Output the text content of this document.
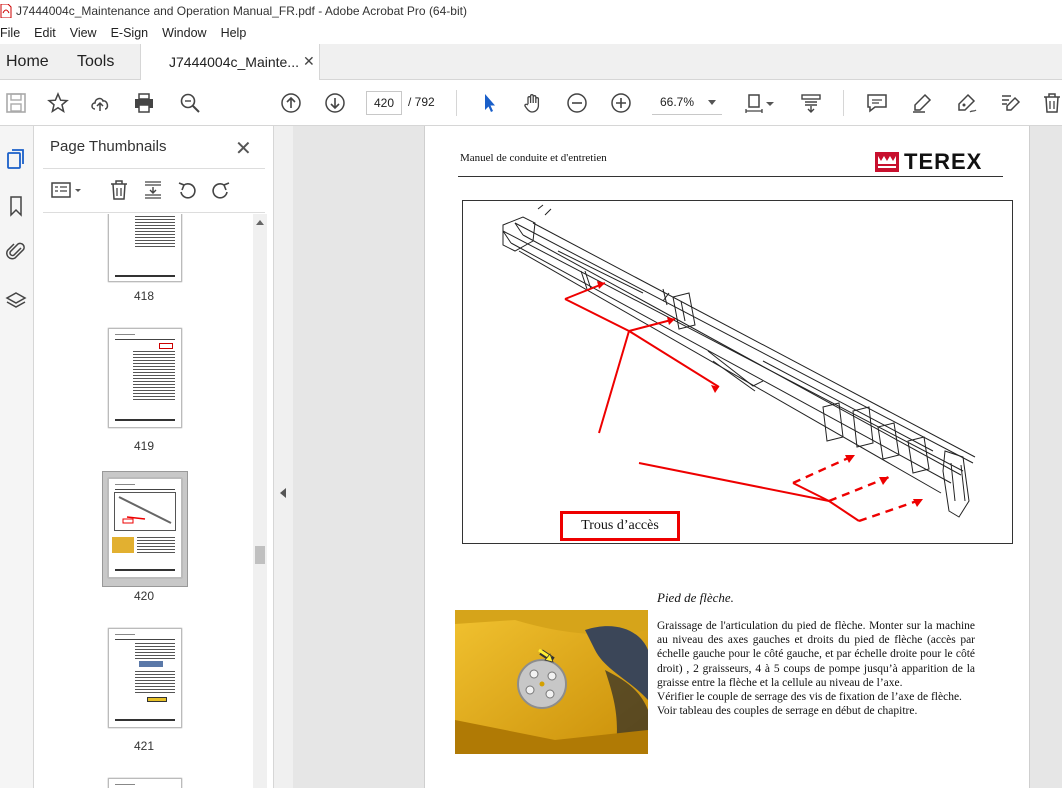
J7444004c_Maintenance and Operation Manual_FR.pdf - Adobe Acrobat Pro (64-bit)
File Edit View E-Sign Window Help
Home Tools	J7444004c_Mainte... ✕
420	/ 792	66.7%
Page Thumbnails	✕
418
419
420
421
Manuel de conduite et d'entretien	TEREX
Trous d’accès
Pied de flèche.

Graissage de l'articulation du pied de flèche. Monter sur la machine au niveau des axes gauches et droits du pied de flèche (accès par échelle gauche pour le côté gauche, et par échelle droite pour le côté droit) , 2 graisseurs, 4 à 5 coups de pompe jusqu’à apparition de la graisse entre la flèche et la cellule au niveau de l’axe.

Vérifier le couple de serrage des vis de fixation de l’axe de flèche.

Voir tableau des couples de serrage en début de chapitre.
